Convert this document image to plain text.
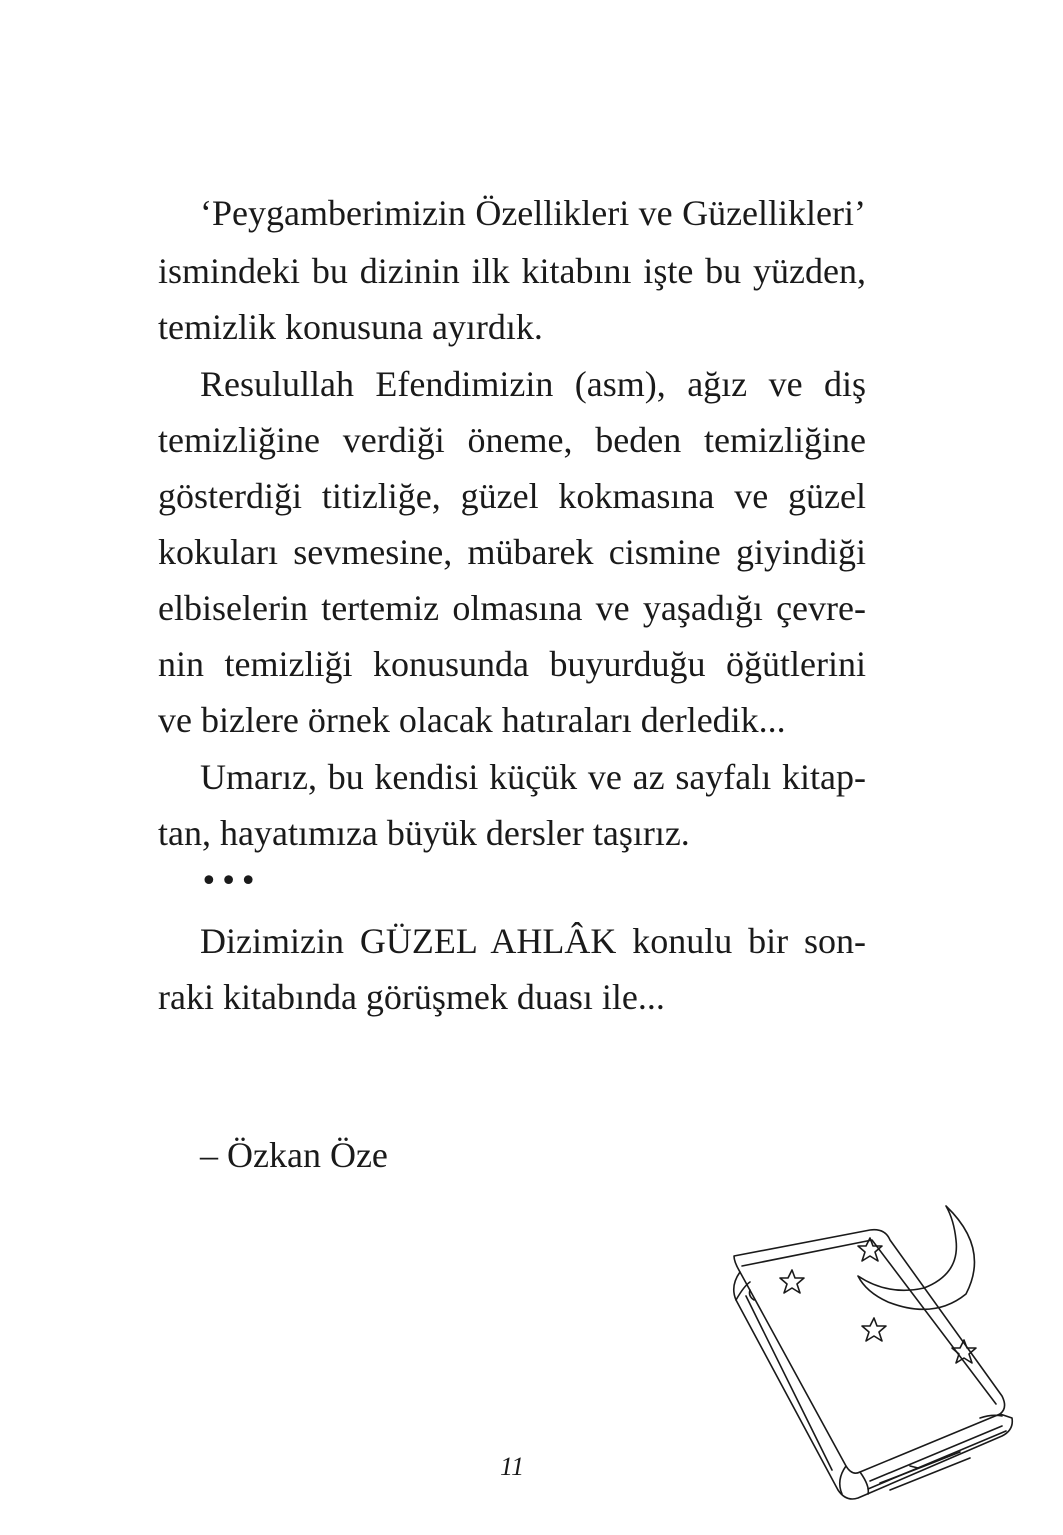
‘Peygamberimizin Özellikleri ve Güzellikleri’
ismindeki bu dizinin ilk kitabını işte bu yüzden,
temizlik konusuna ayırdık.
Resulullah Efendimizin (asm), ağız ve diş
temizliğine verdiği öneme, beden temizliğine
gösterdiği titizliğe, güzel kokmasına ve güzel
kokuları sevmesine, mübarek cismine giyindiği
elbiselerin tertemiz olmasına ve yaşadığı çevre-
nin temizliği konusunda buyurduğu öğütlerini
ve bizlere örnek olacak hatıraları derledik...
Umarız, bu kendisi küçük ve az sayfalı kitap-
tan, hayatımıza büyük dersler taşırız.
•••
Dizimizin GÜZEL AHLÂK konulu bir son-
raki kitabında görüşmek duası ile...
– Özkan Öze
11
